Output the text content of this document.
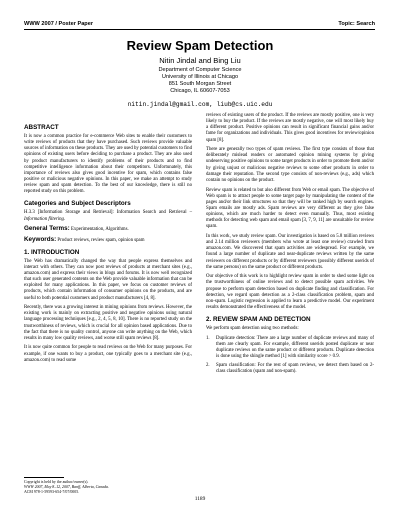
WWW 2007 / Poster Paper	Topic: Search
Review Spam Detection
Nitin Jindal and Bing Liu
Department of Computer Science
University of Illinois at Chicago
851 South Morgan Street
Chicago, IL 60607-7053
nitin.jindal@gmail.com, liub@cs.uic.edu
ABSTRACT

It is now a common practice for e-commerce Web sites to enable their customers to write reviews of products that they have purchased. Such reviews provide valuable sources of information on these products. They are used by potential customers to find opinions of existing users before deciding to purchase a product. They are also used by product manufacturers to identify problems of their products and to find competitive intelligence information about their competitors. Unfortunately, this importance of reviews also gives good incentive for spam, which contains false positive or malicious negative opinions. In this paper, we make an attempt to study review spam and spam detection. To the best of our knowledge, there is still no reported study on this problem.

Categories and Subject Descriptors

H.3.3 [Information Storage and Retrieval]: Information Search and Retrieval – Information filtering.

General Terms: Experimentation, Algorithms.

Keywords: Product reviews, review spam, opinion spam

1. INTRODUCTION

The Web has dramatically changed the way that people express themselves and interact with others. They can now post reviews of products at merchant sites (e.g., amazon.com) and express their views in blogs and forums. It is now well recognized that such user generated contents on the Web provide valuable information that can be exploited for many applications. In this paper, we focus on customer reviews of products, which contain information of consumer opinions on the products, and are useful to both potential customers and product manufacturers [4, 8].

Recently, there was a growing interest in mining opinions from reviews. However, the existing work is mainly on extracting positive and negative opinions using natural language processing techniques [e.g., 2, 4, 5, 8, 10]. There is no reported study on the trustworthiness of reviews, which is crucial for all opinion based applications. Due to the fact that there is no quality control, anyone can write anything on the Web, which results in many low quality reviews, and worse still spam reviews [8].

It is now quite common for people to read reviews on the Web for many purposes. For example, if one wants to buy a product, one typically goes to a merchant site (e.g., amazon.com) to read some

Copyright is held by the author/owner(s).
WWW 2007, May 8–12, 2007, Banff, Alberta, Canada.
ACM 978-1-59593-654-7/07/0005.

reviews of existing users of the product. If the reviews are mostly positive, one is very likely to buy the product. If the reviews are mostly negative, one will most likely buy a different product. Positive opinions can result in significant financial gains and/or fame for organizations and individuals. This gives good incentives for review/opinion spam [8].

There are generally two types of spam reviews. The first type consists of those that deliberately mislead readers or automated opinion mining systems by giving undeserving positive opinions to some target products in order to promote them and/or by giving unjust or malicious negative reviews to some other products in order to damage their reputation. The second type consists of non-reviews (e.g., ads) which contain no opinions on the product.

Review spam is related to but also different from Web or email spam. The objective of Web spam is to attract people to some target page by manipulating the content of the pages and/or their link structures so that they will be ranked high by search engines. Spam emails are mostly ads. Spam reviews are very different as they give false opinions, which are much harder to detect even manually. Thus, most existing methods for detecting web spam and email spam [3, 7, 9, 11] are unsuitable for review spam.

In this work, we study review spam. Our investigation is based on 5.8 million reviews and 2.14 million reviewers (members who wrote at least one review) crawled from amazon.com. We discovered that spam activities are widespread. For example, we found a large number of duplicate and near-duplicate reviews written by the same reviewers on different products or by different reviewers (possibly different userids of the same persons) on the same product or different products.

Our objective of this work is to highlight review spam in order to shed some light on the trustworthiness of online reviews and to detect possible spam activities. We propose to perform spam detection based on duplicate finding and classification. For detection, we regard spam detection as a 2-class classification problem, spam and non-spam. Logistic regression is applied to learn a predictive model. Our experiment results demonstrated the effectiveness of the model.

2. REVIEW SPAM AND DETECTION

We perform spam detection using two methods:

1.	Duplicate detection: There are a large number of duplicate reviews and many of them are clearly spam. For example, different userids posted duplicate or near duplicate reviews on the same product or different products. Duplicate detection is done using the shingle method [1] with similarity score > 0.9.
2.	Spam classification: For the rest of spam reviews, we detect them based on 2-class classification (spam and non-spam).
1189
